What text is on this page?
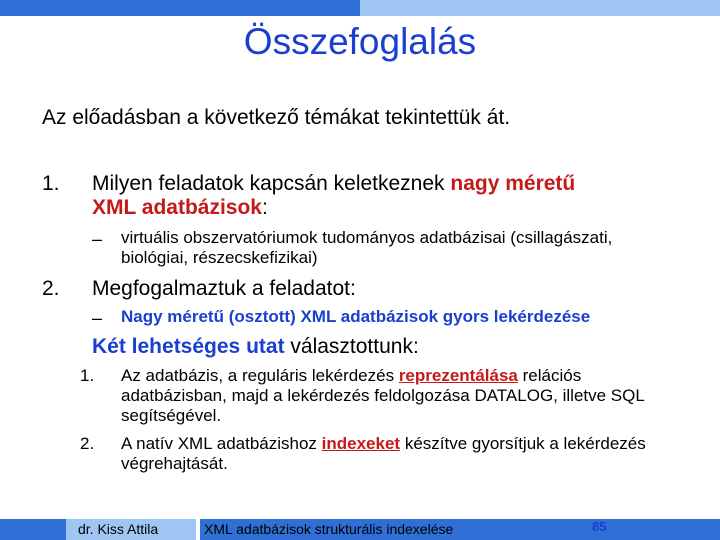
Összefoglalás
Az előadásban a következő témákat tekintettük át.
1. Milyen feladatok kapcsán keletkeznek nagy méretű
XML adatbázisok:
– virtuális obszervatóriumok tudományos adatbázisai (csillagászati, biológiai, részecskefizikai)
2. Megfogalmaztuk a feladatot:
– Nagy méretű (osztott) XML adatbázisok gyors lekérdezése
Két lehetséges utat választottunk:
1. Az adatbázis, a reguláris lekérdezés reprezentálása relációs adatbázisban, majd a lekérdezés feldolgozása DATALOG, illetve SQL segítségével.
2. A natív XML adatbázishoz indexeket készítve gyorsítjuk a lekérdezés végrehajtását.
dr. Kiss Attila	XML adatbázisok strukturális indexelése	85
